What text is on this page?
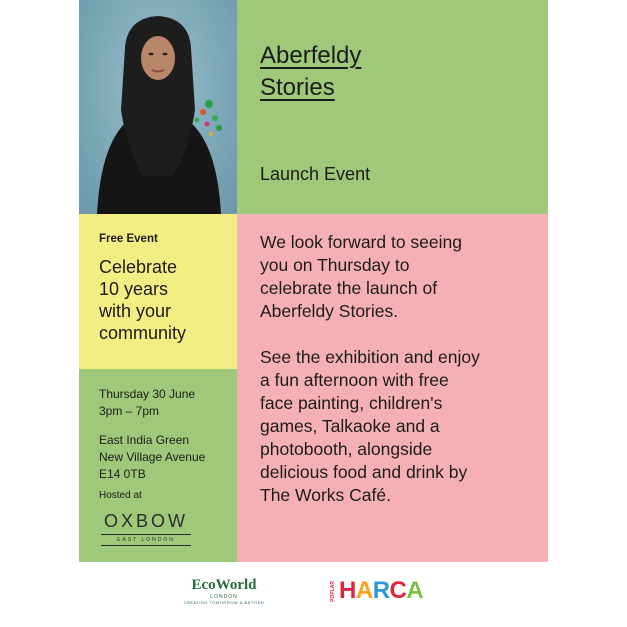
Aberfeldy
Stories
Launch Event
Free Event
Celebrate
10 years
with your
community
Thursday 30 June
3pm – 7pm
East India Green
New Village Avenue
E14 0TB
Hosted at
OXBOW
EAST LONDON
We look forward to seeing
you on Thursday to
celebrate the launch of
Aberfeldy Stories.
See the exhibition and enjoy
a fun afternoon with free
face painting, children's
games, Talkaoke and a
photobooth, alongside
delicious food and drink by
The Works Café.
EcoWorld
LONDON
CREATING TOMORROW & BEYOND
POPLAR HARCA
